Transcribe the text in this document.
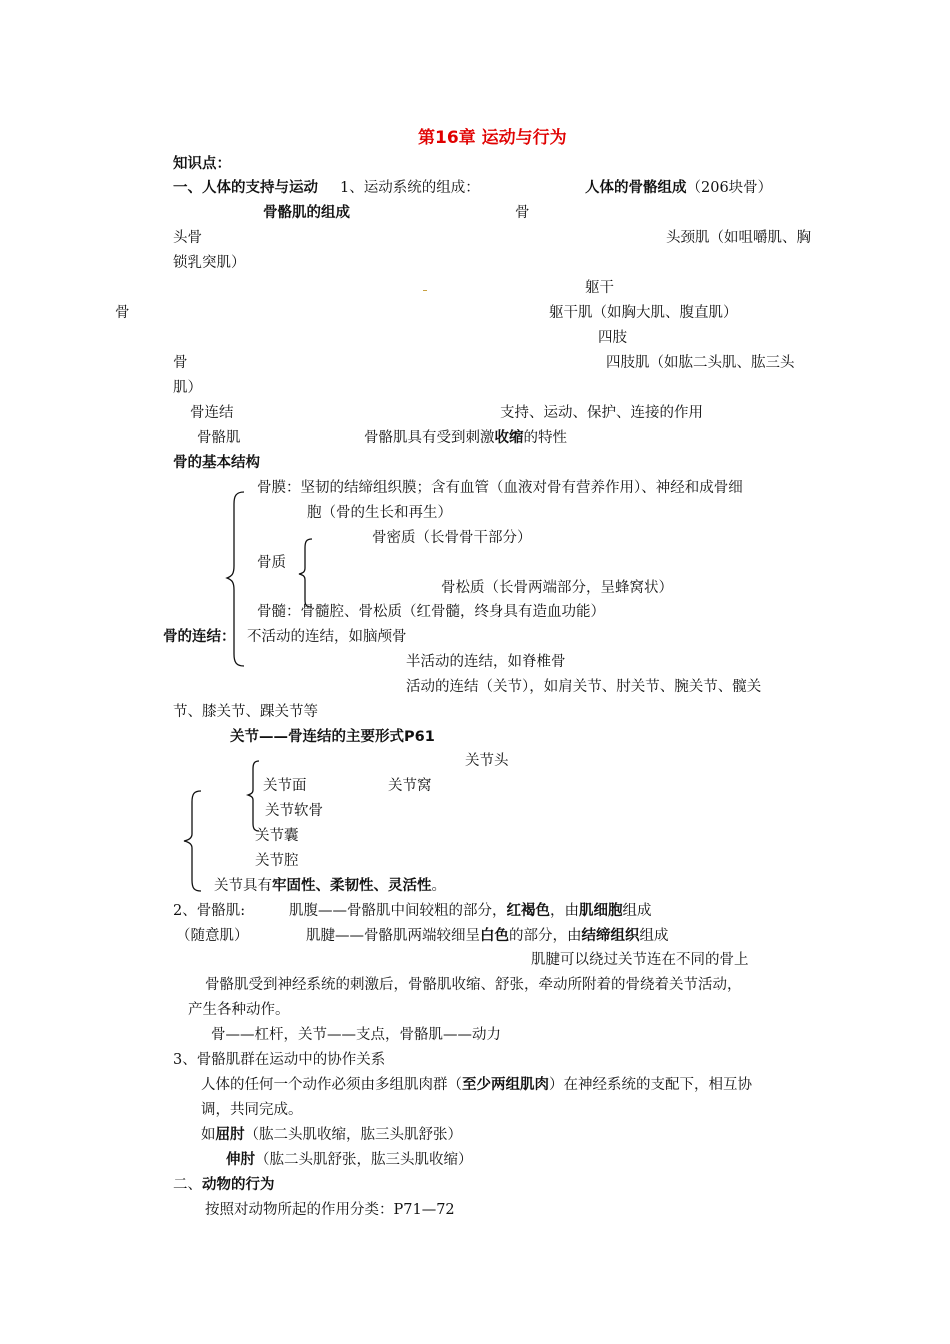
第16章 运动与行为
知识点：
一、人体的支持与运动 1、运动系统的组成：	人体的骨骼组成（206块骨）
骨骼肌的组成	骨
头骨	头颈肌（如咀嚼肌、胸
锁乳突肌）
躯干
骨	躯干肌（如胸大肌、腹直肌）
四肢
骨	四肢肌（如肱二头肌、肱三头
肌）
骨连结	支持、运动、保护、连接的作用
骨骼肌	骨骼肌具有受到刺激收缩的特性
骨的基本结构
骨膜：坚韧的结缔组织膜；含有血管（血液对骨有营养作用）、神经和成骨细
胞（骨的生长和再生）
骨密质（长骨骨干部分）
骨质
骨松质（长骨两端部分，呈蜂窝状）
骨髓：骨髓腔、骨松质（红骨髓，终身具有造血功能）
骨的连结： 不活动的连结，如脑颅骨
半活动的连结，如脊椎骨
活动的连结（关节），如肩关节、肘关节、腕关节、髋关
节、膝关节、踝关节等
关节——骨连结的主要形式P61
关节头
关节面	关节窝
关节软骨
关节囊
关节腔
关节具有牢固性、柔韧性、灵活性。
2、骨骼肌:	肌腹——骨骼肌中间较粗的部分，红褐色，由肌细胞组成
（随意肌）	肌腱——骨骼肌两端较细呈白色的部分，由结缔组织组成
肌腱可以绕过关节连在不同的骨上
骨骼肌受到神经系统的刺激后，骨骼肌收缩、舒张，牵动所附着的骨绕着关节活动，
产生各种动作。
骨——杠杆，关节——支点，骨骼肌——动力
3、骨骼肌群在运动中的协作关系
人体的任何一个动作必须由多组肌肉群（至少两组肌肉）在神经系统的支配下，相互协
调，共同完成。
如屈肘（肱二头肌收缩，肱三头肌舒张）
伸肘（肱二头肌舒张，肱三头肌收缩）
二、动物的行为
按照对动物所起的作用分类：P71—72
